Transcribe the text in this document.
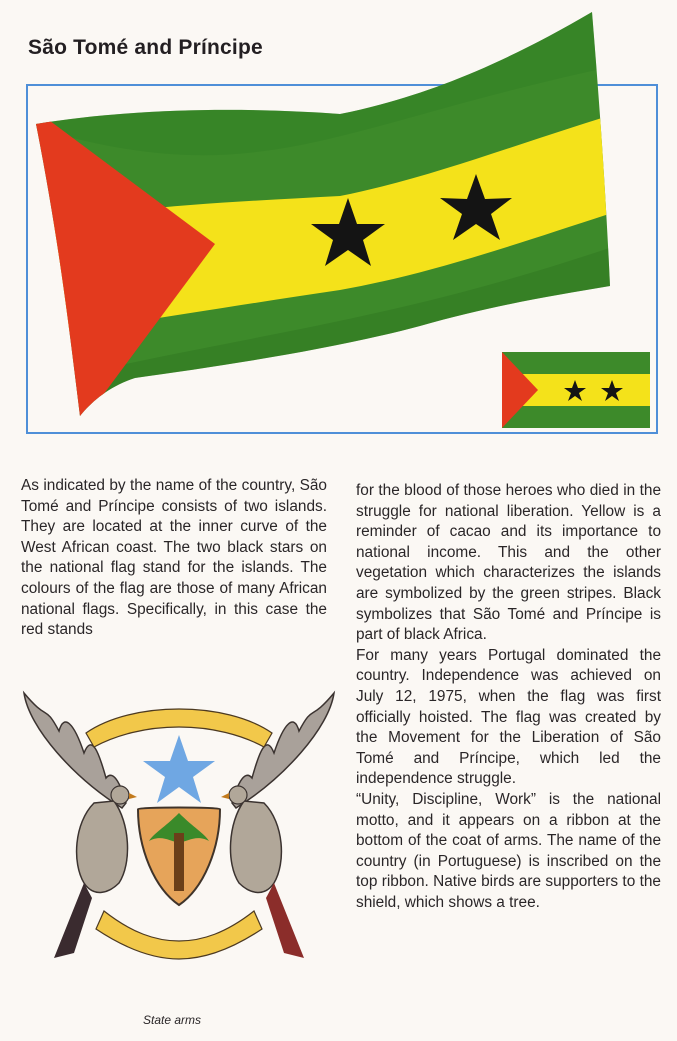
São Tomé and Príncipe
As indicated by the name of the country, São Tomé and Príncipe consists of two islands. They are located at the inner curve of the West African coast. The two black stars on the national flag stand for the islands. The colours of the flag are those of many African national flags. Specifically, in this case the red stands

for the blood of those heroes who died in the struggle for national liberation. Yellow is a reminder of cacao and its importance to national income. This and the other vegetation which characterizes the islands are symbolized by the green stripes. Black symbolizes that São Tomé and Príncipe is part of black Africa.

For many years Portugal dominated the country. Independence was achieved on July 12, 1975, when the flag was first officially hoisted. The flag was created by the Movement for the Liberation of São Tomé and Príncipe, which led the independence struggle.

“Unity, Discipline, Work” is the national motto, and it appears on a ribbon at the bottom of the coat of arms. The name of the country (in Portuguese) is inscribed on the top ribbon. Native birds are supporters to the shield, which shows a tree.

State arms
